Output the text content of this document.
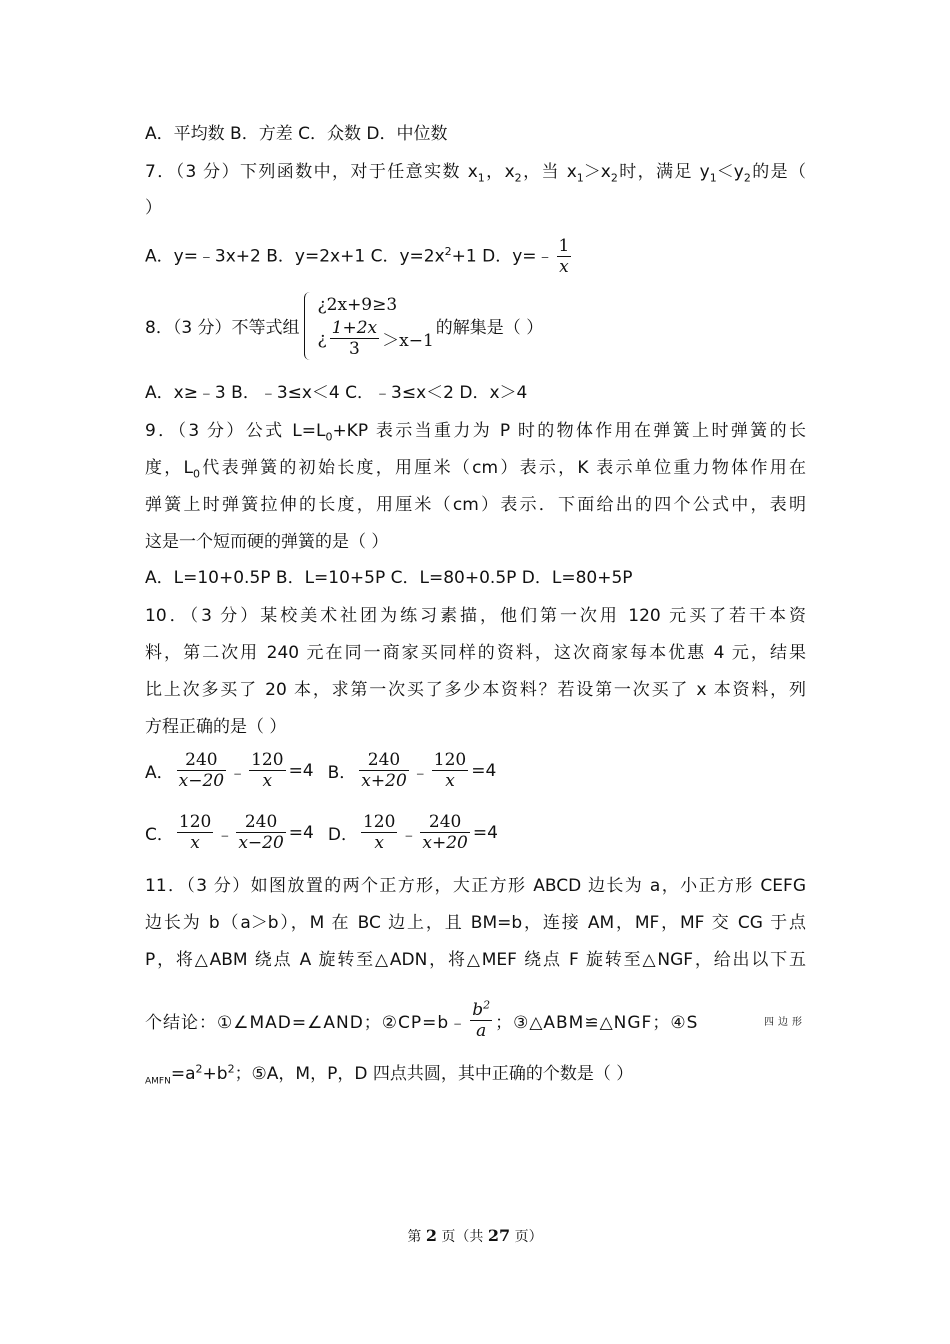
A．平均数 B．方差 C．众数 D．中位数
7．（3 分）下列函数中，对于任意实数 $x_1$，$x_2$，当 $x_1>x_2$时，满足 $y_1<y_2$的是（
）
A．y=﹣3x+2 B．y=2x+1 C．$y=2x^2+1$ D．y=﹣ $\frac{1}{x}$
8．（3 分）不等式组
¿2x+9≥3
¿ $\frac{1+2x}{3} >x-1$
的解集是（ ）
A．x≥﹣3 B．﹣3≤x＜4 C．﹣3≤x＜2 D．x＞4
9．（3 分）公式 $L=L_0+KP$ 表示当重力为 P 时的物体作用在弹簧上时弹簧的长
度，$L_0$代表弹簧的初始长度，用厘米（cm）表示，K 表示单位重力物体作用在
弹簧上时弹簧拉伸的长度，用厘米（cm）表示．下面给出的四个公式中，表明
这是一个短而硬的弹簧的是（ ）
A．L=10+0.5P B．L=10+5P C．L=80+0.5P D．L=80+5P
10．（3 分）某校美术社团为练习素描，他们第一次用 120 元买了若干本资
料，第二次用 240 元在同一商家买同样的资料，这次商家每本优惠 4 元，结果
比上次多买了 20 本，求第一次买了多少本资料？若设第一次买了 x 本资料，列
方程正确的是（ ）
A． $\frac{240}{x-20}$ ﹣ $\frac{120}{x} =4$ B． $\frac{240}{x+20}$ ﹣ $\frac{120}{x} =4$
C． $\frac{120}{x}$ ﹣ $\frac{240}{x-20} =4$ D． $\frac{120}{x}$ ﹣ $\frac{240}{x+20} =4$
11．（3 分）如图放置的两个正方形，大正方形 ABCD 边长为 a，小正方形 CEFG
边长为 b（a＞b），M 在 BC 边上，且 BM=b，连接 AM，MF，MF 交 CG 于点
P，将△ABM 绕点 A 旋转至△ADN，将△MEF 绕点 F 旋转至△NGF，给出以下五
个结论：①∠MAD=∠AND；②CP=b﹣ $\frac{b^2}{a}$ ；③△ABM≌△NGF；④S	四边形
$_{AMFN}=a^2+b^2$；⑤A，M，P，D 四点共圆，其中正确的个数是（ ）
第 2 页（共 27 页）
